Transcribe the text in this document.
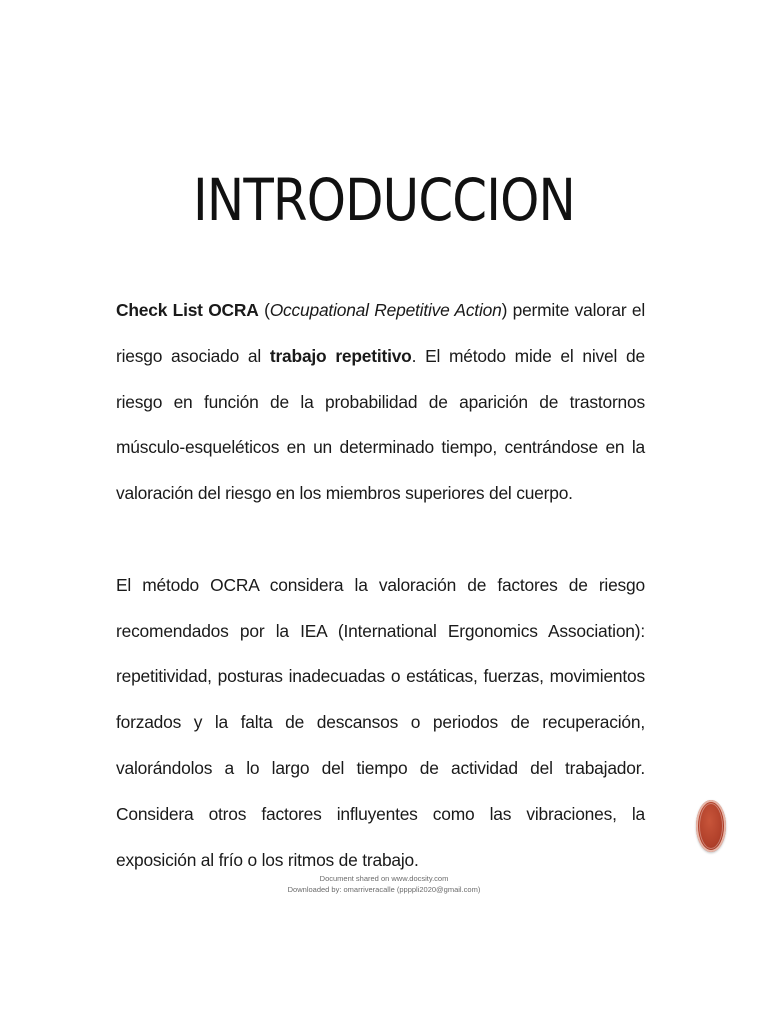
INTRODUCCION

Check List OCRA (Occupational Repetitive Action) permite valorar el riesgo asociado al trabajo repetitivo. El método mide el nivel de riesgo en función de la probabilidad de aparición de trastornos músculo-esqueléticos en un determinado tiempo, centrándose en la valoración del riesgo en los miembros superiores del cuerpo.

El método OCRA considera la valoración de factores de riesgo recomendados por la IEA (International Ergonomics Association): repetitividad, posturas inadecuadas o estáticas, fuerzas, movimientos forzados y la falta de descansos o periodos de recuperación, valorándolos a lo largo del tiempo de actividad del trabajador. Considera otros factores influyentes como las vibraciones, la exposición al frío o los ritmos de trabajo.

Document shared on www.docsity.com
Downloaded by: omarriveracalle (ppppli2020@gmail.com)
